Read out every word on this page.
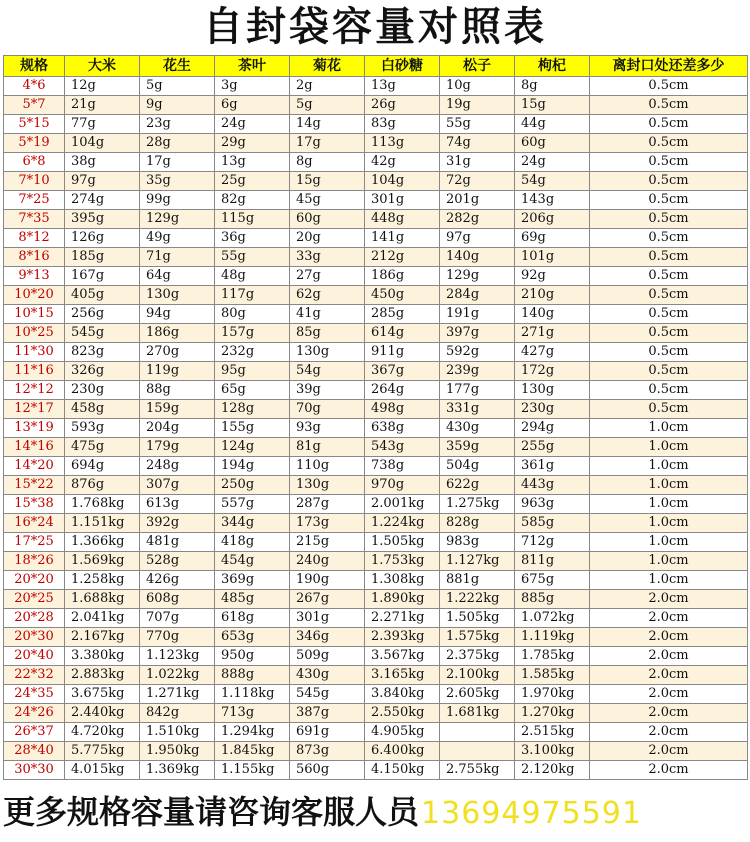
自封袋容量对照表
规格	大米	花生	茶叶	菊花	白砂糖	松子	枸杞	离封口处还差多少
4*6	12g	5g	3g	2g	13g	10g	8g	0.5cm
5*7	21g	9g	6g	5g	26g	19g	15g	0.5cm
5*15	77g	23g	24g	14g	83g	55g	44g	0.5cm
5*19	104g	28g	29g	17g	113g	74g	60g	0.5cm
6*8	38g	17g	13g	8g	42g	31g	24g	0.5cm
7*10	97g	35g	25g	15g	104g	72g	54g	0.5cm
7*25	274g	99g	82g	45g	301g	201g	143g	0.5cm
7*35	395g	129g	115g	60g	448g	282g	206g	0.5cm
8*12	126g	49g	36g	20g	141g	97g	69g	0.5cm
8*16	185g	71g	55g	33g	212g	140g	101g	0.5cm
9*13	167g	64g	48g	27g	186g	129g	92g	0.5cm
10*20	405g	130g	117g	62g	450g	284g	210g	0.5cm
10*15	256g	94g	80g	41g	285g	191g	140g	0.5cm
10*25	545g	186g	157g	85g	614g	397g	271g	0.5cm
11*30	823g	270g	232g	130g	911g	592g	427g	0.5cm
11*16	326g	119g	95g	54g	367g	239g	172g	0.5cm
12*12	230g	88g	65g	39g	264g	177g	130g	0.5cm
12*17	458g	159g	128g	70g	498g	331g	230g	0.5cm
13*19	593g	204g	155g	93g	638g	430g	294g	1.0cm
14*16	475g	179g	124g	81g	543g	359g	255g	1.0cm
14*20	694g	248g	194g	110g	738g	504g	361g	1.0cm
15*22	876g	307g	250g	130g	970g	622g	443g	1.0cm
15*38	1.768kg	613g	557g	287g	2.001kg	1.275kg	963g	1.0cm
16*24	1.151kg	392g	344g	173g	1.224kg	828g	585g	1.0cm
17*25	1.366kg	481g	418g	215g	1.505kg	983g	712g	1.0cm
18*26	1.569kg	528g	454g	240g	1.753kg	1.127kg	811g	1.0cm
20*20	1.258kg	426g	369g	190g	1.308kg	881g	675g	1.0cm
20*25	1.688kg	608g	485g	267g	1.890kg	1.222kg	885g	2.0cm
20*28	2.041kg	707g	618g	301g	2.271kg	1.505kg	1.072kg	2.0cm
20*30	2.167kg	770g	653g	346g	2.393kg	1.575kg	1.119kg	2.0cm
20*40	3.380kg	1.123kg	950g	509g	3.567kg	2.375kg	1.785kg	2.0cm
22*32	2.883kg	1.022kg	888g	430g	3.165kg	2.100kg	1.585kg	2.0cm
24*35	3.675kg	1.271kg	1.118kg	545g	3.840kg	2.605kg	1.970kg	2.0cm
24*26	2.440kg	842g	713g	387g	2.550kg	1.681kg	1.270kg	2.0cm
26*37	4.720kg	1.510kg	1.294kg	691g	4.905kg		2.515kg	2.0cm
28*40	5.775kg	1.950kg	1.845kg	873g	6.400kg		3.100kg	2.0cm
30*30	4.015kg	1.369kg	1.155kg	560g	4.150kg	2.755kg	2.120kg	2.0cm
更多规格容量请咨询客服人员13694975591
